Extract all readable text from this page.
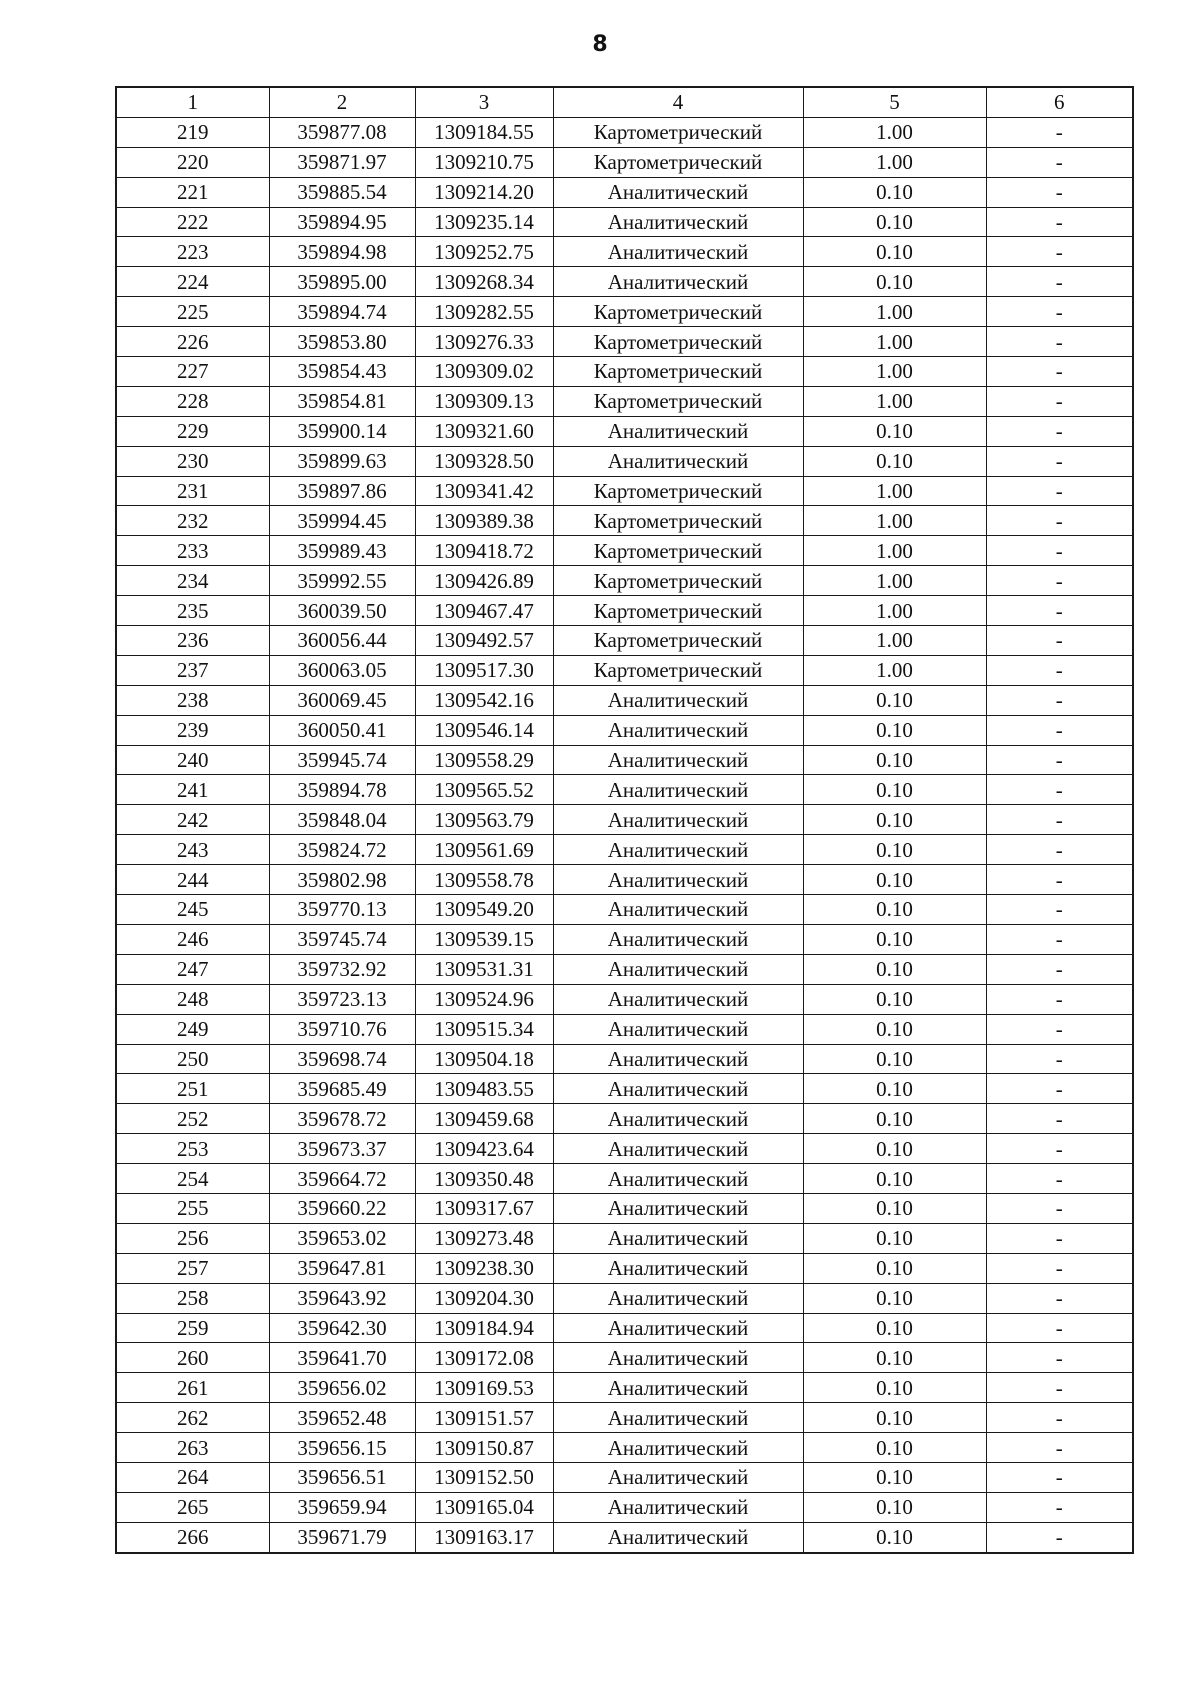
8
1	2	3	4	5	6
219	359877.08	1309184.55	Картометрический	1.00	-
220	359871.97	1309210.75	Картометрический	1.00	-
221	359885.54	1309214.20	Аналитический	0.10	-
222	359894.95	1309235.14	Аналитический	0.10	-
223	359894.98	1309252.75	Аналитический	0.10	-
224	359895.00	1309268.34	Аналитический	0.10	-
225	359894.74	1309282.55	Картометрический	1.00	-
226	359853.80	1309276.33	Картометрический	1.00	-
227	359854.43	1309309.02	Картометрический	1.00	-
228	359854.81	1309309.13	Картометрический	1.00	-
229	359900.14	1309321.60	Аналитический	0.10	-
230	359899.63	1309328.50	Аналитический	0.10	-
231	359897.86	1309341.42	Картометрический	1.00	-
232	359994.45	1309389.38	Картометрический	1.00	-
233	359989.43	1309418.72	Картометрический	1.00	-
234	359992.55	1309426.89	Картометрический	1.00	-
235	360039.50	1309467.47	Картометрический	1.00	-
236	360056.44	1309492.57	Картометрический	1.00	-
237	360063.05	1309517.30	Картометрический	1.00	-
238	360069.45	1309542.16	Аналитический	0.10	-
239	360050.41	1309546.14	Аналитический	0.10	-
240	359945.74	1309558.29	Аналитический	0.10	-
241	359894.78	1309565.52	Аналитический	0.10	-
242	359848.04	1309563.79	Аналитический	0.10	-
243	359824.72	1309561.69	Аналитический	0.10	-
244	359802.98	1309558.78	Аналитический	0.10	-
245	359770.13	1309549.20	Аналитический	0.10	-
246	359745.74	1309539.15	Аналитический	0.10	-
247	359732.92	1309531.31	Аналитический	0.10	-
248	359723.13	1309524.96	Аналитический	0.10	-
249	359710.76	1309515.34	Аналитический	0.10	-
250	359698.74	1309504.18	Аналитический	0.10	-
251	359685.49	1309483.55	Аналитический	0.10	-
252	359678.72	1309459.68	Аналитический	0.10	-
253	359673.37	1309423.64	Аналитический	0.10	-
254	359664.72	1309350.48	Аналитический	0.10	-
255	359660.22	1309317.67	Аналитический	0.10	-
256	359653.02	1309273.48	Аналитический	0.10	-
257	359647.81	1309238.30	Аналитический	0.10	-
258	359643.92	1309204.30	Аналитический	0.10	-
259	359642.30	1309184.94	Аналитический	0.10	-
260	359641.70	1309172.08	Аналитический	0.10	-
261	359656.02	1309169.53	Аналитический	0.10	-
262	359652.48	1309151.57	Аналитический	0.10	-
263	359656.15	1309150.87	Аналитический	0.10	-
264	359656.51	1309152.50	Аналитический	0.10	-
265	359659.94	1309165.04	Аналитический	0.10	-
266	359671.79	1309163.17	Аналитический	0.10	-
